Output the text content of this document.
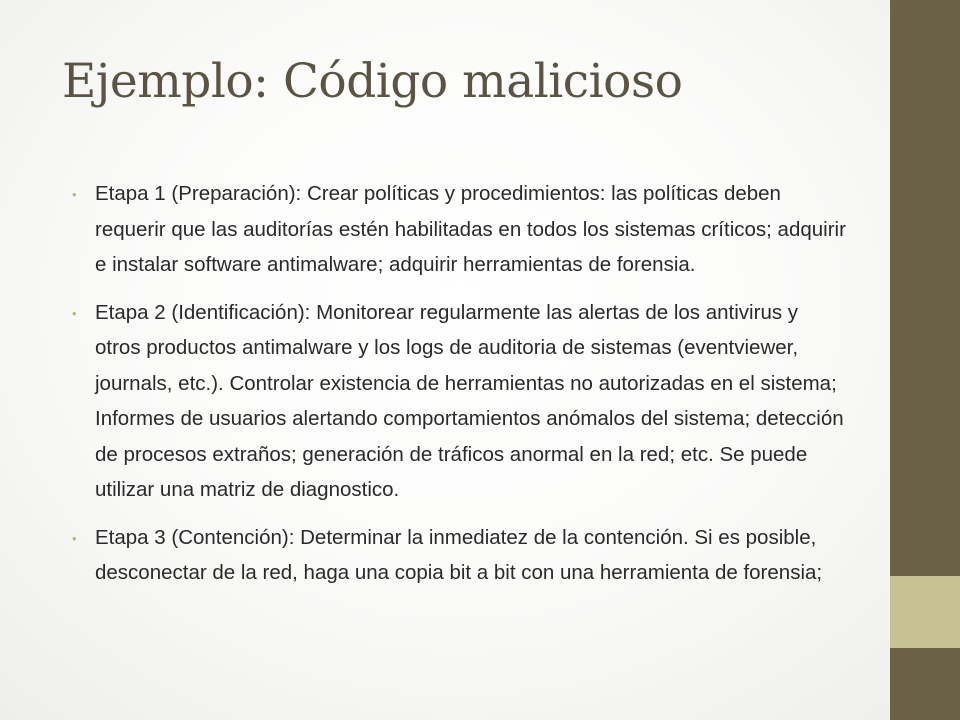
Ejemplo: Código malicioso
• Etapa 1 (Preparación): Crear políticas y procedimientos: las políticas deben requerir que las auditorías estén habilitadas en todos los sistemas críticos; adquirir e instalar software antimalware; adquirir herramientas de forensia.
• Etapa 2 (Identificación): Monitorear regularmente las alertas de los antivirus y otros productos antimalware y los logs de auditoria de sistemas (eventviewer, journals, etc.). Controlar existencia de herramientas no autorizadas en el sistema; Informes de usuarios alertando comportamientos anómalos del sistema; detección de procesos extraños; generación de tráficos anormal en la red; etc. Se puede utilizar una matriz de diagnostico.
• Etapa 3 (Contención): Determinar la inmediatez de la contención. Si es posible, desconectar de la red, haga una copia bit a bit con una herramienta de forensia;
